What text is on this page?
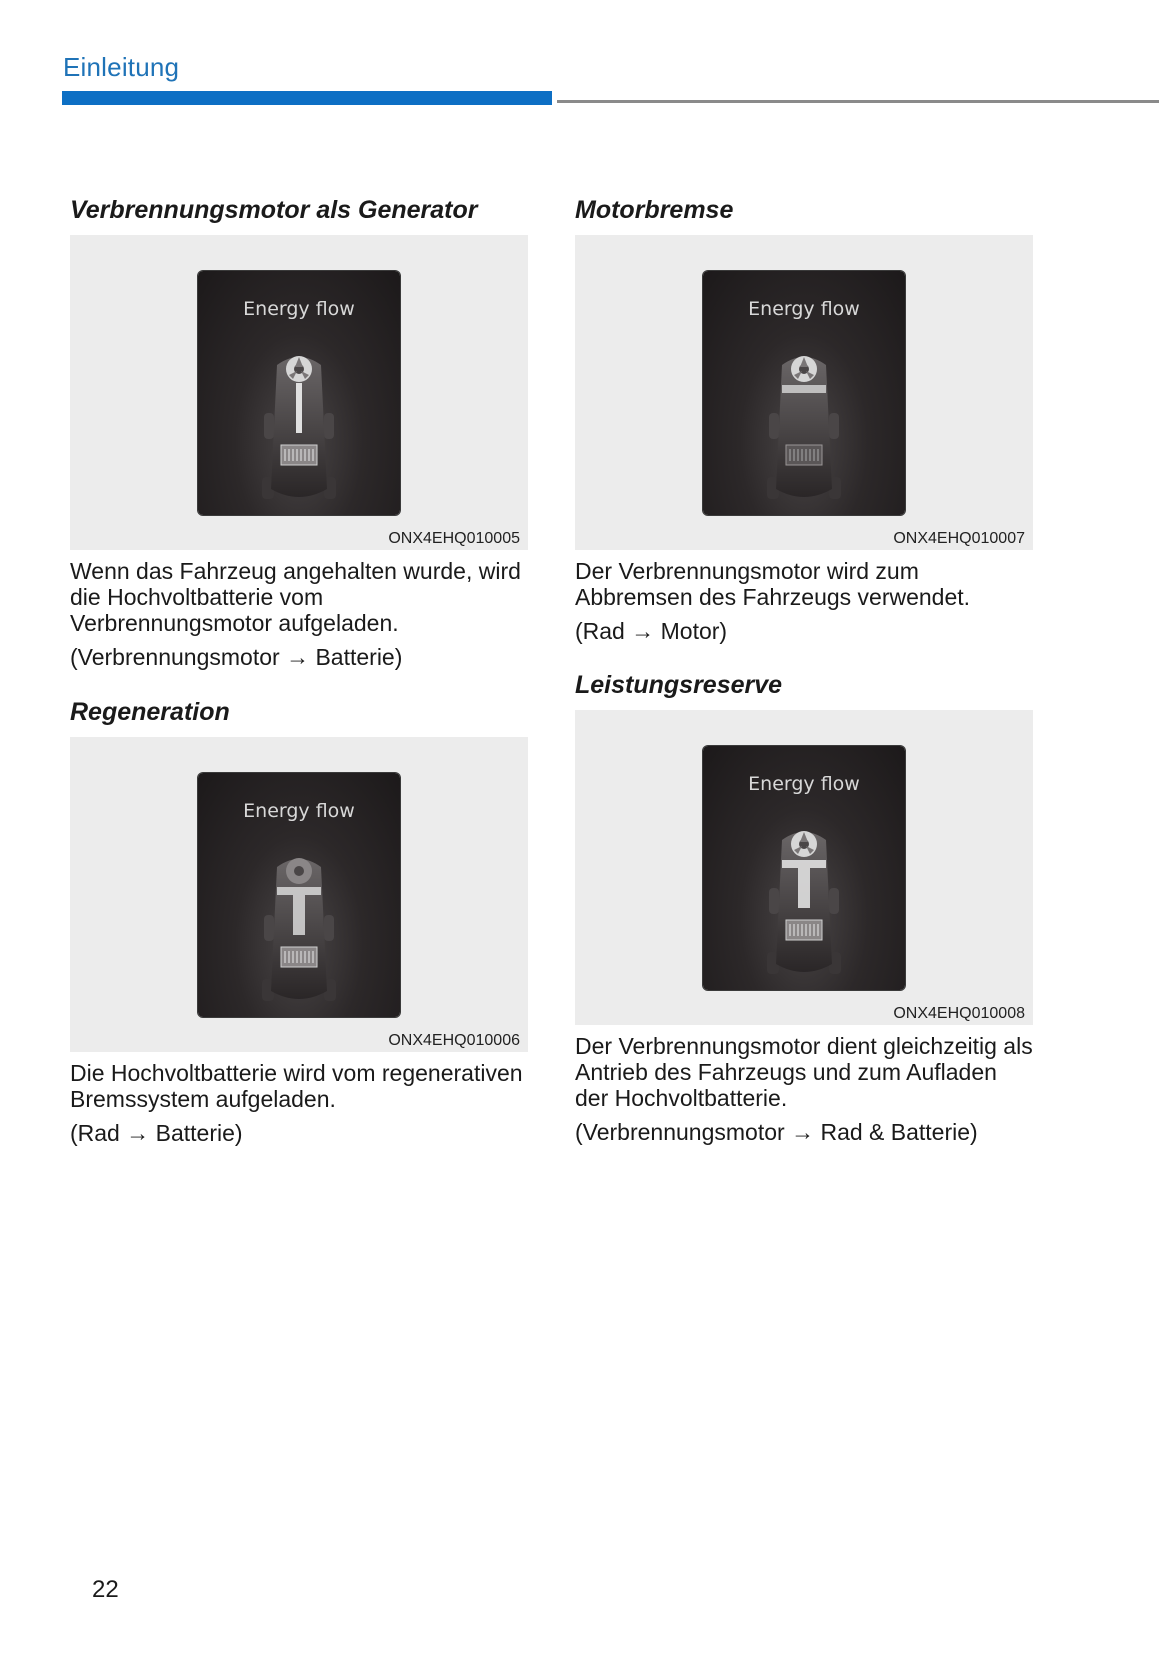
Einleitung
Verbrennungsmotor als Generator
Energy flow
ONX4EHQ010005

Wenn das Fahrzeug angehalten wurde, wird die Hochvoltbatterie vom Verbrennungsmotor aufgeladen.

(Verbrennungsmotor → Batterie)

Regeneration
Energy flow
ONX4EHQ010006

Die Hochvoltbatterie wird vom regenerativen Bremssystem aufgeladen.

(Rad → Batterie)

Motorbremse
Energy flow
ONX4EHQ010007

Der Verbrennungsmotor wird zum Abbremsen des Fahrzeugs verwendet.

(Rad → Motor)

Leistungsreserve
Energy flow
ONX4EHQ010008

Der Verbrennungsmotor dient gleichzeitig als Antrieb des Fahrzeugs und zum Aufladen der Hochvoltbatterie.

(Verbrennungsmotor → Rad & Batterie)

22
